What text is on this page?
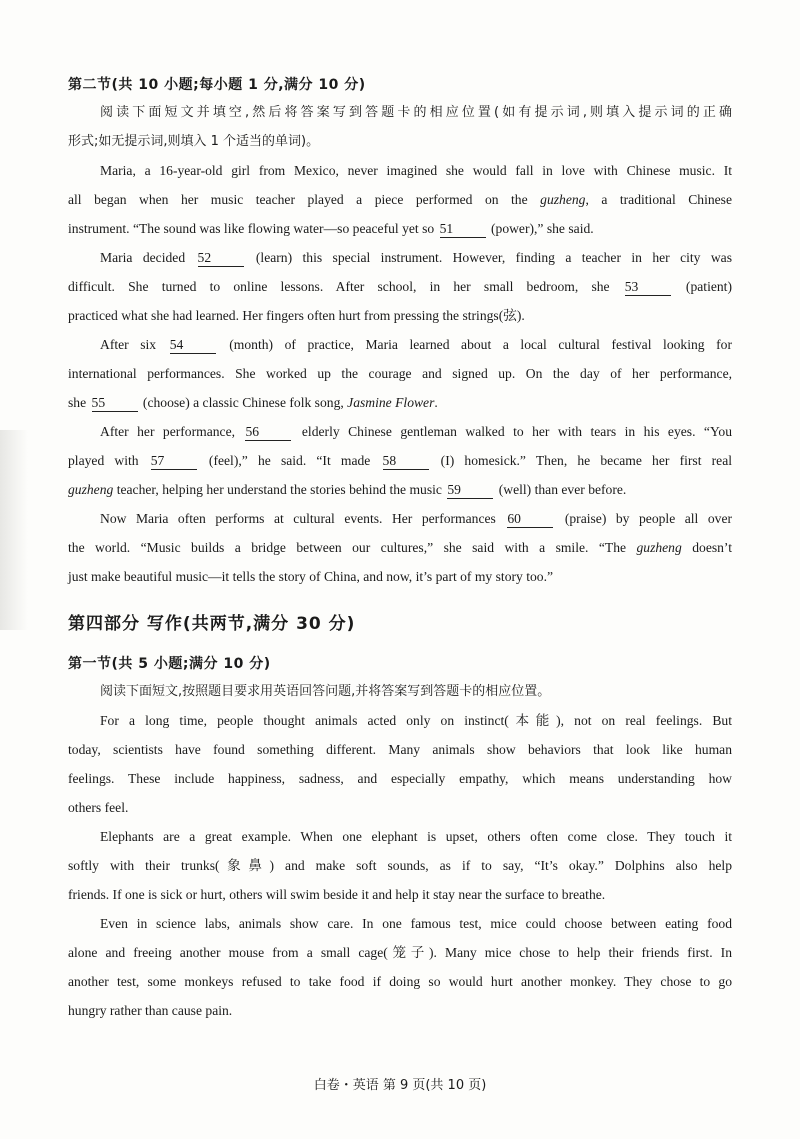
第二节(共 10 小题;每小题 1 分,满分 10 分)
阅读下面短文并填空,然后将答案写到答题卡的相应位置(如有提示词,则填入提示词的正确
形式;如无提示词,则填入 1 个适当的单词)。
Maria, a 16-year-old girl from Mexico, never imagined she would fall in love with Chinese music. It
all began when her music teacher played a piece performed on the guzheng, a traditional Chinese
instrument. “The sound was like flowing water—so peaceful yet so 51	(power),” she said.
Maria decided 52	(learn) this special instrument. However, finding a teacher in her city was
difficult. She turned to online lessons. After school, in her small bedroom, she 53	(patient)
practiced what she had learned. Her fingers often hurt from pressing the strings(弦).
After six 54	(month) of practice, Maria learned about a local cultural festival looking for
international performances. She worked up the courage and signed up. On the day of her performance,
she 55	(choose) a classic Chinese folk song, Jasmine Flower.
After her performance, 56	elderly Chinese gentleman walked to her with tears in his eyes. “You
played with 57	(feel),” he said. “It made 58	(I) homesick.” Then, he became her first real
guzheng teacher, helping her understand the stories behind the music 59	(well) than ever before.
Now Maria often performs at cultural events. Her performances 60	(praise) by people all over
the world. “Music builds a bridge between our cultures,” she said with a smile. “The guzheng doesn’t
just make beautiful music—it tells the story of China, and now, it’s part of my story too.”
第四部分 写作(共两节,满分 30 分)
第一节(共 5 小题;满分 10 分)
阅读下面短文,按照题目要求用英语回答问题,并将答案写到答题卡的相应位置。
For a long time, people thought animals acted only on instinct(本能), not on real feelings. But
today, scientists have found something different. Many animals show behaviors that look like human
feelings. These include happiness, sadness, and especially empathy, which means understanding how
others feel.
Elephants are a great example. When one elephant is upset, others often come close. They touch it
softly with their trunks(象鼻) and make soft sounds, as if to say, “It’s okay.” Dolphins also help
friends. If one is sick or hurt, others will swim beside it and help it stay near the surface to breathe.
Even in science labs, animals show care. In one famous test, mice could choose between eating food
alone and freeing another mouse from a small cage(笼子). Many mice chose to help their friends first. In
another test, some monkeys refused to take food if doing so would hurt another monkey. They chose to go
hungry rather than cause pain.
白卷・英语 第 9 页(共 10 页)
